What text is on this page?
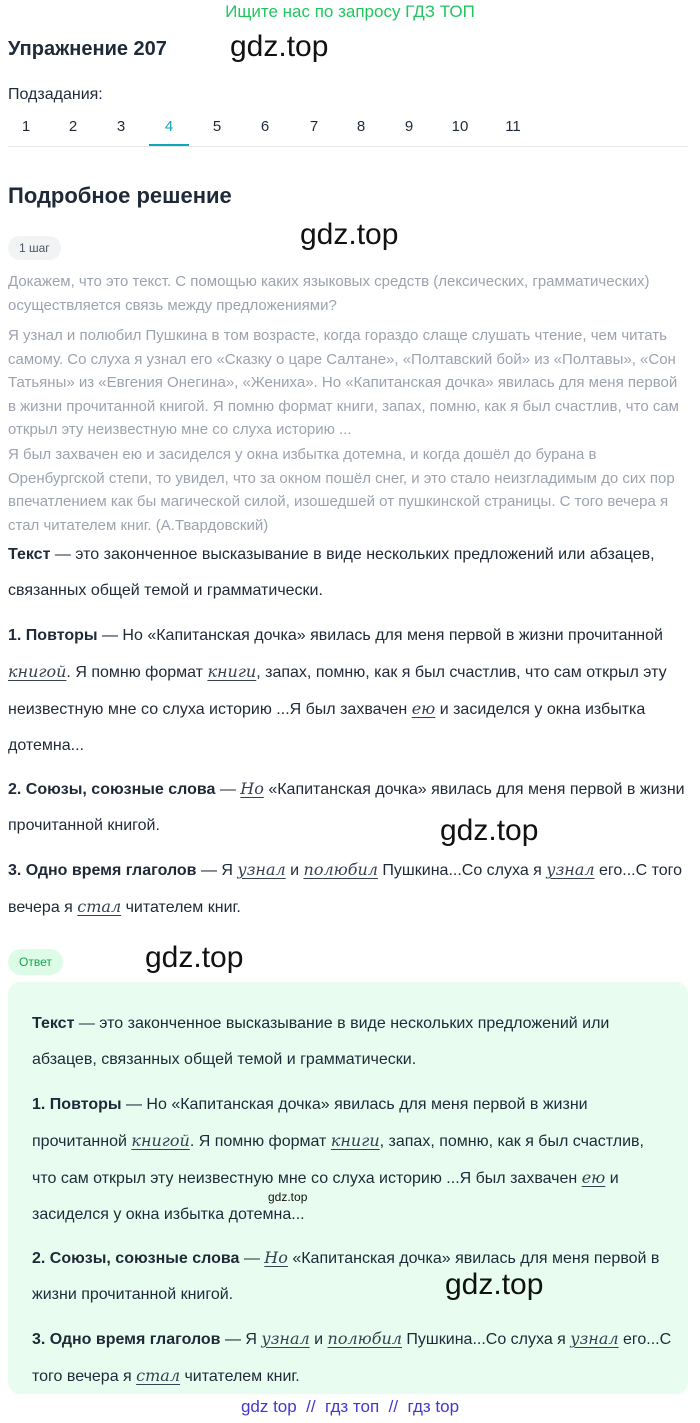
Ищите нас по запросу ГДЗ ТОП
Упражнение 207 gdz.top
Подзадания:
1	2	3	4	5	6	7	8	9	10 11
Подробное решение
gdz.top
1 шаг
Докажем, что это текст. С помощью каких языковых средств (лексических, грамматических) осуществляется связь между предложениями?
Я узнал и полюбил Пушкина в том возрасте, когда гораздо слаще слушать чтение, чем читать самому. Со слуха я узнал его «Сказку о царе Салтане», «Полтавский бой» из «Полтавы», «Сон Татьяны» из «Евгения Онегина», «Жениха». Но «Капитанская дочка» явилась для меня первой в жизни прочитанной книгой. Я помню формат книги, запах, помню, как я был счастлив, что сам открыл эту неизвестную мне со слуха историю ...
Я был захвачен ею и засиделся у окна избытка дотемна, и когда дошёл до бурана в Оренбургской степи, то увидел, что за окном пошёл снег, и это стало неизгладимым до сих пор впечатлением как бы магической силой, изошедшей от пушкинской страницы. С того вечера я стал читателем книг. (А.Твардовский)
Текст — это законченное высказывание в виде нескольких предложений или абзацев, связанных общей темой и грамматически.
1. Повторы — Но «Капитанская дочка» явилась для меня первой в жизни прочитанной книгой. Я помню формат книги, запах, помню, как я был счастлив, что сам открыл эту неизвестную мне со слуха историю ...Я был захвачен ею и засиделся у окна избытка дотемна...
2. Союзы, союзные слова — Но «Капитанская дочка» явилась для меня первой в жизни прочитанной книгой.	gdz.top
3. Одно время глаголов — Я узнал и полюбил Пушкина...Со слуха я узнал его...С того вечера я стал читателем книг.
Ответ	gdz.top
Текст — это законченное высказывание в виде нескольких предложений или абзацев, связанных общей темой и грамматически.
1. Повторы — Но «Капитанская дочка» явилась для меня первой в жизни прочитанной книгой. Я помню формат книги, запах, помню, как я был счастлив, что сам открыл эту неизвестную мне со слуха историю ...Я был захвачен ею и засиделся у окна избытка дотемна...
gdz.top
2. Союзы, союзные слова — Но «Капитанская дочка» явилась для меня первой в жизни прочитанной книгой.	gdz.top
3. Одно время глаголов — Я узнал и полюбил Пушкина...Со слуха я узнал его...С того вечера я стал читателем книг.
gdz top  //  гдз топ  //  гдз top
